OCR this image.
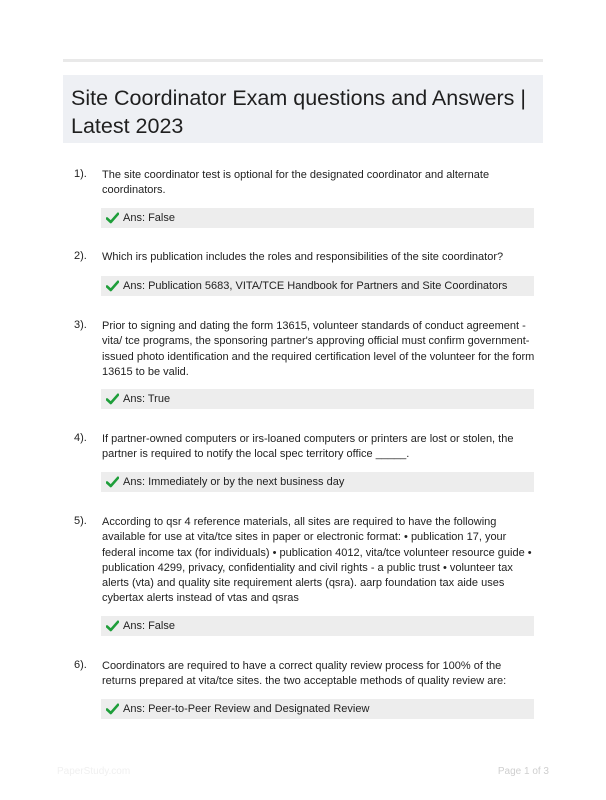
Site Coordinator Exam questions and Answers | Latest 2023
1). The site coordinator test is optional for the designated coordinator and alternate coordinators.
Ans: False
2). Which irs publication includes the roles and responsibilities of the site coordinator?
Ans: Publication 5683, VITA/TCE Handbook for Partners and Site Coordinators
3). Prior to signing and dating the form 13615, volunteer standards of conduct agreement - vita/ tce programs, the sponsoring partner's approving official must confirm government-issued photo identification and the required certification level of the volunteer for the form 13615 to be valid.
Ans: True
4). If partner-owned computers or irs-loaned computers or printers are lost or stolen, the partner is required to notify the local spec territory office _____.
Ans: Immediately or by the next business day
5). According to qsr 4 reference materials, all sites are required to have the following available for use at vita/tce sites in paper or electronic format: • publication 17, your federal income tax (for individuals) • publication 4012, vita/tce volunteer resource guide • publication 4299, privacy, confidentiality and civil rights - a public trust • volunteer tax alerts (vta) and quality site requirement alerts (qsra). aarp foundation tax aide uses cybertax alerts instead of vtas and qsras
Ans: False
6). Coordinators are required to have a correct quality review process for 100% of the returns prepared at vita/tce sites. the two acceptable methods of quality review are:
Ans: Peer-to-Peer Review and Designated Review
PaperStudy.com	Page 1 of 3
